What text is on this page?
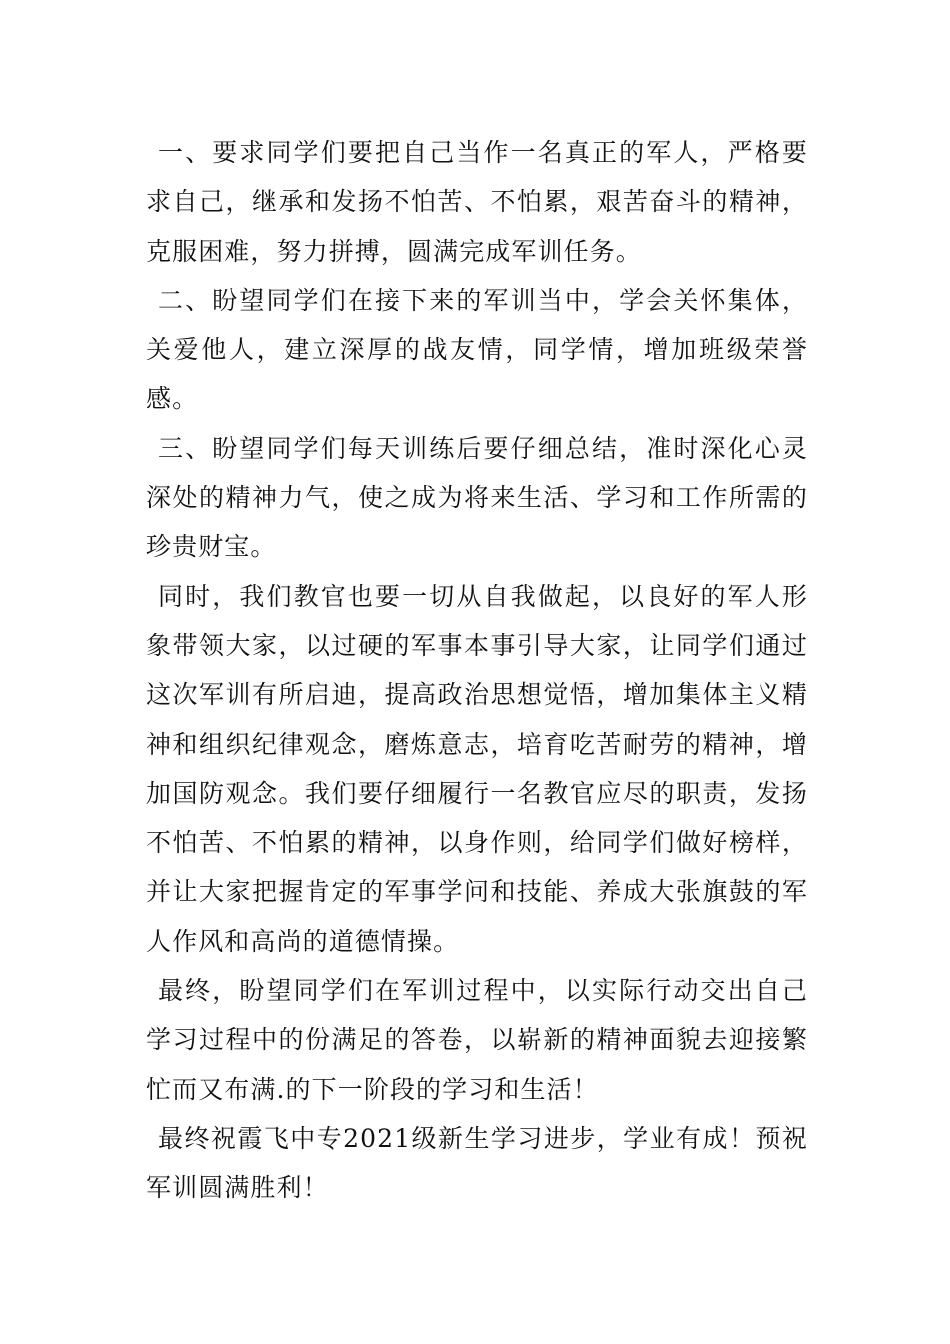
一、要求同学们要把自己当作一名真正的军人，严格要求自己，继承和发扬不怕苦、不怕累，艰苦奋斗的精神，克服困难，努力拼搏，圆满完成军训任务。

二、盼望同学们在接下来的军训当中，学会关怀集体，关爱他人，建立深厚的战友情，同学情，增加班级荣誉感。

三、盼望同学们每天训练后要仔细总结，准时深化心灵深处的精神力气，使之成为将来生活、学习和工作所需的珍贵财宝。

同时，我们教官也要一切从自我做起，以良好的军人形象带领大家，以过硬的军事本事引导大家，让同学们通过这次军训有所启迪，提高政治思想觉悟，增加集体主义精神和组织纪律观念，磨炼意志，培育吃苦耐劳的精神，增加国防观念。我们要仔细履行一名教官应尽的职责，发扬不怕苦、不怕累的精神，以身作则，给同学们做好榜样，并让大家把握肯定的军事学问和技能、养成大张旗鼓的军人作风和高尚的道德情操。

最终，盼望同学们在军训过程中，以实际行动交出自己学习过程中的份满足的答卷，以崭新的精神面貌去迎接繁忙而又布满.的下一阶段的学习和生活！

最终祝霞飞中专2021级新生学习进步，学业有成！预祝军训圆满胜利！
